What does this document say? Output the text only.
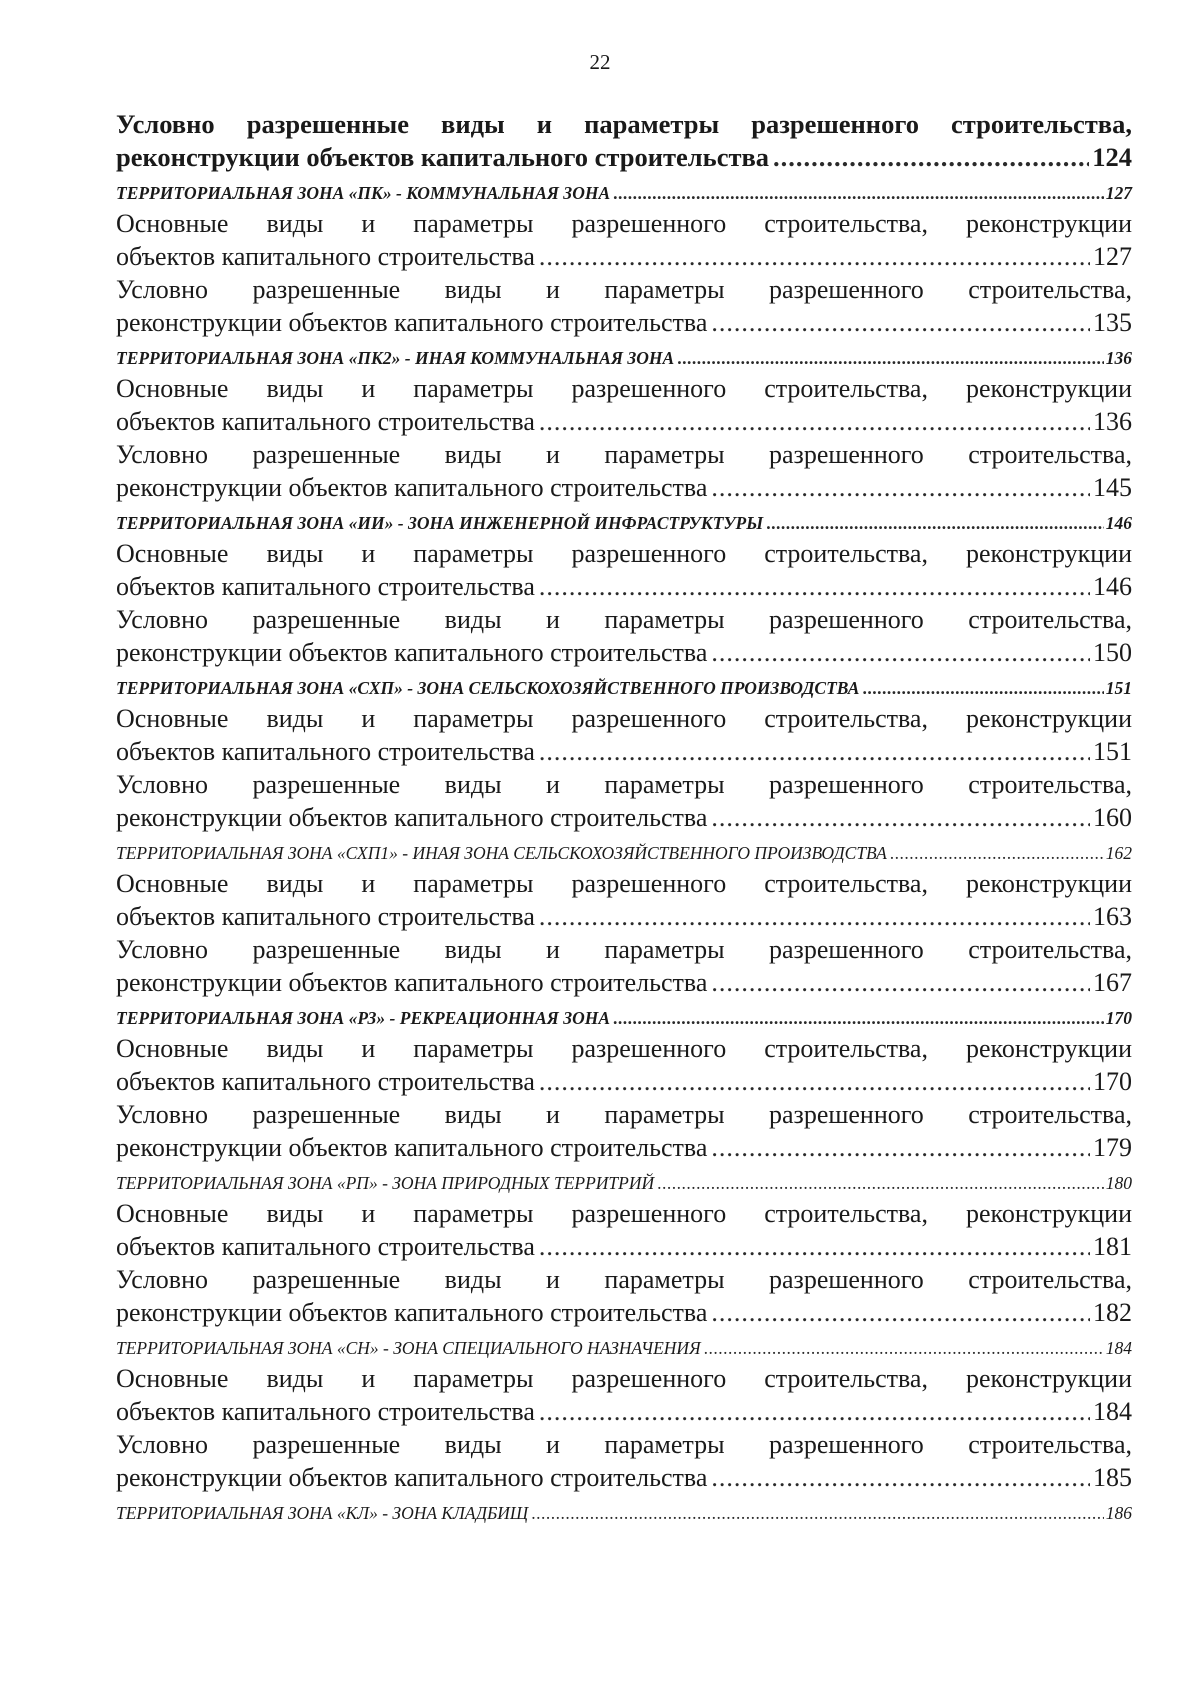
22
Условно разрешенные виды и параметры разрешенного строительства,
реконструкции объектов капитального строительства .....	124
ТЕРРИТОРИАЛЬНАЯ ЗОНА «ПК» - КОММУНАЛЬНАЯ ЗОНА .....	127
Основные виды и параметры разрешенного строительства, реконструкции
объектов капитального строительства .....	127
Условно разрешенные виды и параметры разрешенного строительства,
реконструкции объектов капитального строительства .....	135
ТЕРРИТОРИАЛЬНАЯ ЗОНА «ПК2» - ИНАЯ КОММУНАЛЬНАЯ ЗОНА .....	136
Основные виды и параметры разрешенного строительства, реконструкции
объектов капитального строительства .....	136
Условно разрешенные виды и параметры разрешенного строительства,
реконструкции объектов капитального строительства .....	145
ТЕРРИТОРИАЛЬНАЯ ЗОНА «ИИ» - ЗОНА ИНЖЕНЕРНОЙ ИНФРАСТРУКТУРЫ .....	146
Основные виды и параметры разрешенного строительства, реконструкции
объектов капитального строительства .....	146
Условно разрешенные виды и параметры разрешенного строительства,
реконструкции объектов капитального строительства .....	150
ТЕРРИТОРИАЛЬНАЯ ЗОНА «СХП» - ЗОНА СЕЛЬСКОХОЗЯЙСТВЕННОГО ПРОИЗВОДСТВА .....	151
Основные виды и параметры разрешенного строительства, реконструкции
объектов капитального строительства .....	151
Условно разрешенные виды и параметры разрешенного строительства,
реконструкции объектов капитального строительства .....	160
ТЕРРИТОРИАЛЬНАЯ ЗОНА «СХП1» - ИНАЯ ЗОНА СЕЛЬСКОХОЗЯЙСТВЕННОГО ПРОИЗВОДСТВА .....	162
Основные виды и параметры разрешенного строительства, реконструкции
объектов капитального строительства .....	163
Условно разрешенные виды и параметры разрешенного строительства,
реконструкции объектов капитального строительства .....	167
ТЕРРИТОРИАЛЬНАЯ ЗОНА «РЗ» - РЕКРЕАЦИОННАЯ ЗОНА .....	170
Основные виды и параметры разрешенного строительства, реконструкции
объектов капитального строительства .....	170
Условно разрешенные виды и параметры разрешенного строительства,
реконструкции объектов капитального строительства .....	179
ТЕРРИТОРИАЛЬНАЯ ЗОНА «РП» - ЗОНА ПРИРОДНЫХ ТЕРРИТРИЙ .....	180
Основные виды и параметры разрешенного строительства, реконструкции
объектов капитального строительства .....	181
Условно разрешенные виды и параметры разрешенного строительства,
реконструкции объектов капитального строительства .....	182
ТЕРРИТОРИАЛЬНАЯ ЗОНА «СН» - ЗОНА СПЕЦИАЛЬНОГО НАЗНАЧЕНИЯ .....	184
Основные виды и параметры разрешенного строительства, реконструкции
объектов капитального строительства .....	184
Условно разрешенные виды и параметры разрешенного строительства,
реконструкции объектов капитального строительства .....	185
ТЕРРИТОРИАЛЬНАЯ ЗОНА «КЛ» - ЗОНА КЛАДБИЩ .....	186
